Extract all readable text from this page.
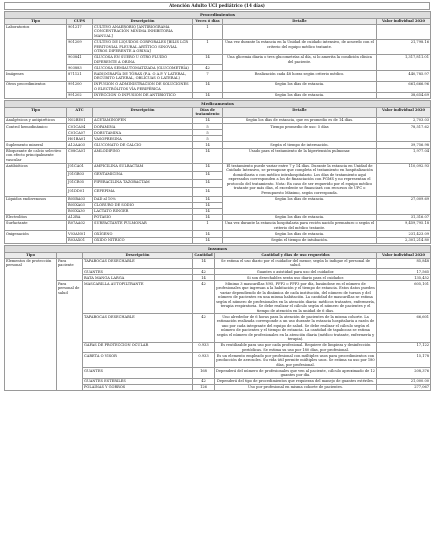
Atención Adulto UCI pediátrico (14 días)
Procedimientos					
Tipo	CUPS	Descripción	Veces ó días	Detalle	Valor individual 2020
Laboratorios	901217	CULTIVO ANAEROBIO [ANTIBIOGRAMA CONCENTRACIÓN MÍNIMA INHIBITORIA MANUAL]	1		
	901209	CULTIVO DE LÍQUIDOS CORPORALES [BILIS LCR PERITONIAL PLEURAL ARTÍTICO SINOVIAL OTROS DIFERENTE A ORINA]	1	Una vez durante la estancia en la Unidad de cuidado intensivo, de acuerdo con el criterio del equipo médico tratante.	21,798.16
	903841	GLUCOSA EN SUERO U OTRO FLUIDO DIFERENTE A ORINA	14	Una glicemia diaria o tres glucometrías al día, si lo amerita la condición clínica del paciente.	1,317,811.01
	903883	GLUCOSA SEMIAUTOMATIZADA (GLUCOMETRÍA)	42		
Imágenes	871121	RADIOGRAFÍA DE TÓRAX (P.A. O A.P. Y LATERAL, DECÚBITO LATERAL, OBLICUAS O LATERAL)	7	Realización cada 48 horas según criterio médico.	440,785.97
Otros procedimientos	991200	INFUSIÓN O ADMINISTRACIÓN DE SOLUCIONES O ELECTRÓLITOS VÍA PERIFÉRICA	14	Según los días de estancia.	661,666.96
	991202	INYECCIÓN O INFUSIÓN DE ANTIBIÓTICO	14	Según los días de estancia.	38,654.69
Medicamentos					
Tipo	ATC	Descripción	Días de tratamiento	Detalle	Valor individual 2020
Analgésicos y antipiréticos	N02BE01	ACETAMINOFÉN	14	Según los días de estancia, que en promedio es de 14 días.	2,703.03
Control hemodinámico	C01CA04	DOPAMINA	5	Tiempo promedio de uso: 5 días	78,517.62
	C01CA07	DOBUTAMINA	5		
	H01BA01	VASOPRESINA	5		
Suplemento mineral	A12AA03	GLUCONATO DE CALCIO	14	Según el tiempo de internación.	39,756.98
Bloqueante de calcio selectivo con efecto principalmente vascular	C08CA01	AMLODIPINO	14	Usado para el tratamiento de la hipertensión pulmonar.	1,977.04
Antibióticos	J01CA01	AMPICILINA SULBACTAM	14	El tratamiento puede variar entre 7 y 14 días. Durante la estancia en Unidad de Cuidado Intensivo, se presupone que completa el tratamiento en hospitalización domiciliaria o con médico intrahospitalario. Los días de tratamiento aquí expresados corresponden a los de financiación con PGMS y no representan el protocolo del tratamiento. Nota: En caso de ser requerido por el equipo médico tratante por más días, el excedente se financiará con recursos de UPC o Presupuesto Máximo, según corresponda.	110,092.93
	J01GB03	GENTAMICINA	14		
	J01CR05	PIPERACILINA TAZOBACTAM	14		
	J01DD01	CEFEPIMA	14		
Líquidos endovenosos	B05BA03	DAD al 10%	14	Según los días de estancia.	27,009.69
	B05XA03	CLORURO DE SODIO	14		
	B05XA30	LACTATO RINGER	14		
Electrolitos	A12BA	POTASIO	14	Según los días de estancia.	31,316.07
Surfactante	R07AA02	SURFACTANTE PULMONAR	1	Una vez durante la estancia hospitalaria para recién nacido prematuro o según el criterio del médico tratante.	9,459,795.18
Oxigenación	V03AN01	OXÍGENO	14	Según los días de estancia.	231,423.09
	R03AX01	ÓXIDO NÍTRICO	14	Según el tiempo de intubación.	2,301,214.80
Insumos					
Tipo		Descripción	Cantidad	Cantidad y días de uso requeridos	Valor individual 2020
Elementos de protección personal	Para paciente	TAPABOCAS DESECHABLE	14	Se estima el uso diario por el cuidador del menor, según lo indique el personal de salud.	85,848
		GUANTES	42	Guantes o asistidad para uso del cuidador.	17,565
		BATA MANGA LARGA	14	Si son desechables serán uso diario para el cuidador.	135,452
	Para personal de salud	MASCARILLA AUTOFILTRANTE	42	Mínimo 3 mascarillas N95, FFP2 o FFP3 por día, basándose en el número de profesionales que ingresan a la habitación y el tiempo de estancia. Estos datos pueden variar dependiendo de la dinámica de cada institución, del número de turnos y del número de pacientes en una misma habitación. La cantidad de mascarillas se estima según el número de profesionales en la atención diaria: médicos tratantes, enfermería, terapia respiratoria. Se debe realizar el cálculo según el número de pacientes y el tiempo de atención en la unidad de 6 días.	605,101
		TAPABOCAS DESECHABLE	42	Uno alrededor de 6 horas para la atención de pacientes de la misma cohorte. La estimación realizada corresponde a un uso durante la estancia hospitalaria a razón de uno por cada integrante del equipo de salud. Se debe realizar el cálculo según el número de pacientes y el tiempo de estancia. La cantidad de tapabocas se estima según el número de profesionales en la atención diaria (médico tratante, enfermería y terapia).	66,601
		GAFAS DE PROTECCIÓN OCULAR	0.933	Es reutilizable para uso por cada profesional. Requiere de limpieza y desinfección periódicas. Se estima su uso por 180 días, por profesional.	17,122
		CARETA O VISOR	0.933	Es un elemento empleado por profesional con múltiples usos para procedimientos con producción de aerosoles. Su vida útil permite múltiples usos. Se estima su uso por 180 días, por profesional.	15,178
		GUANTES	168	Dependerá del número de profesionales que ven al paciente, cálculo aproximado de 12 guantes por día.	208,376
		GUANTES ESTÉRILES	42	Dependerá del tipo de procedimientos que requieran del manejo de guantes estériles.	21,000.00
		POLAINAS Y GORROS	126	Uso por profesional en misma cohorte de pacientes.	277,067
